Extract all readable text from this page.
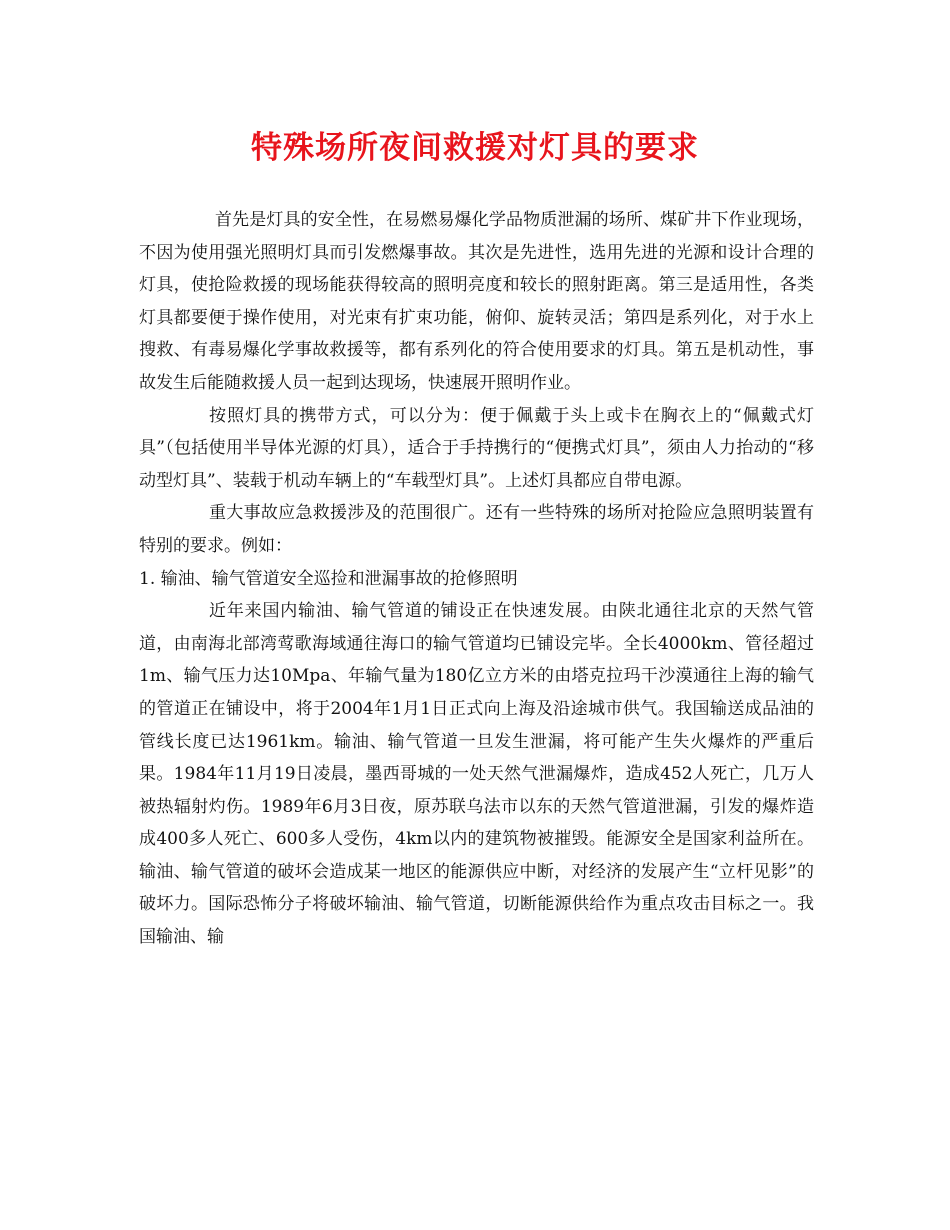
特殊场所夜间救援对灯具的要求

首先是灯具的安全性，在易燃易爆化学品物质泄漏的场所、煤矿井下作业现场，不因为使用强光照明灯具而引发燃爆事故。其次是先进性，选用先进的光源和设计合理的灯具，使抢险救援的现场能获得较高的照明亮度和较长的照射距离。第三是适用性，各类灯具都要便于操作使用，对光束有扩束功能，俯仰、旋转灵活；第四是系列化，对于水上搜救、有毒易爆化学事故救援等，都有系列化的符合使用要求的灯具。第五是机动性，事故发生后能随救援人员一起到达现场，快速展开照明作业。

按照灯具的携带方式，可以分为：便于佩戴于头上或卡在胸衣上的“佩戴式灯具”（包括使用半导体光源的灯具），适合于手持携行的“便携式灯具”，须由人力抬动的“移动型灯具”、装载于机动车辆上的“车载型灯具”。上述灯具都应自带电源。

重大事故应急救援涉及的范围很广。还有一些特殊的场所对抢险应急照明装置有特别的要求。例如：

1. 输油、输气管道安全巡捡和泄漏事故的抢修照明

近年来国内输油、输气管道的铺设正在快速发展。由陕北通往北京的天然气管道，由南海北部湾莺歌海域通往海口的输气管道均已铺设完毕。全长4000km、管径超过1m、输气压力达10Mpa、年输气量为180亿立方米的由塔克拉玛干沙漠通往上海的输气的管道正在铺设中，将于2004年1月1日正式向上海及沿途城市供气。我国输送成品油的管线长度已达1961km。输油、输气管道一旦发生泄漏，将可能产生失火爆炸的严重后果。1984年11月19日凌晨，墨西哥城的一处天然气泄漏爆炸，造成452人死亡，几万人被热辐射灼伤。1989年6月3日夜，原苏联乌法市以东的天然气管道泄漏，引发的爆炸造成400多人死亡、600多人受伤，4km以内的建筑物被摧毁。能源安全是国家利益所在。输油、输气管道的破坏会造成某一地区的能源供应中断，对经济的发展产生“立杆见影”的破坏力。国际恐怖分子将破坏输油、输气管道，切断能源供给作为重点攻击目标之一。我国输油、输
